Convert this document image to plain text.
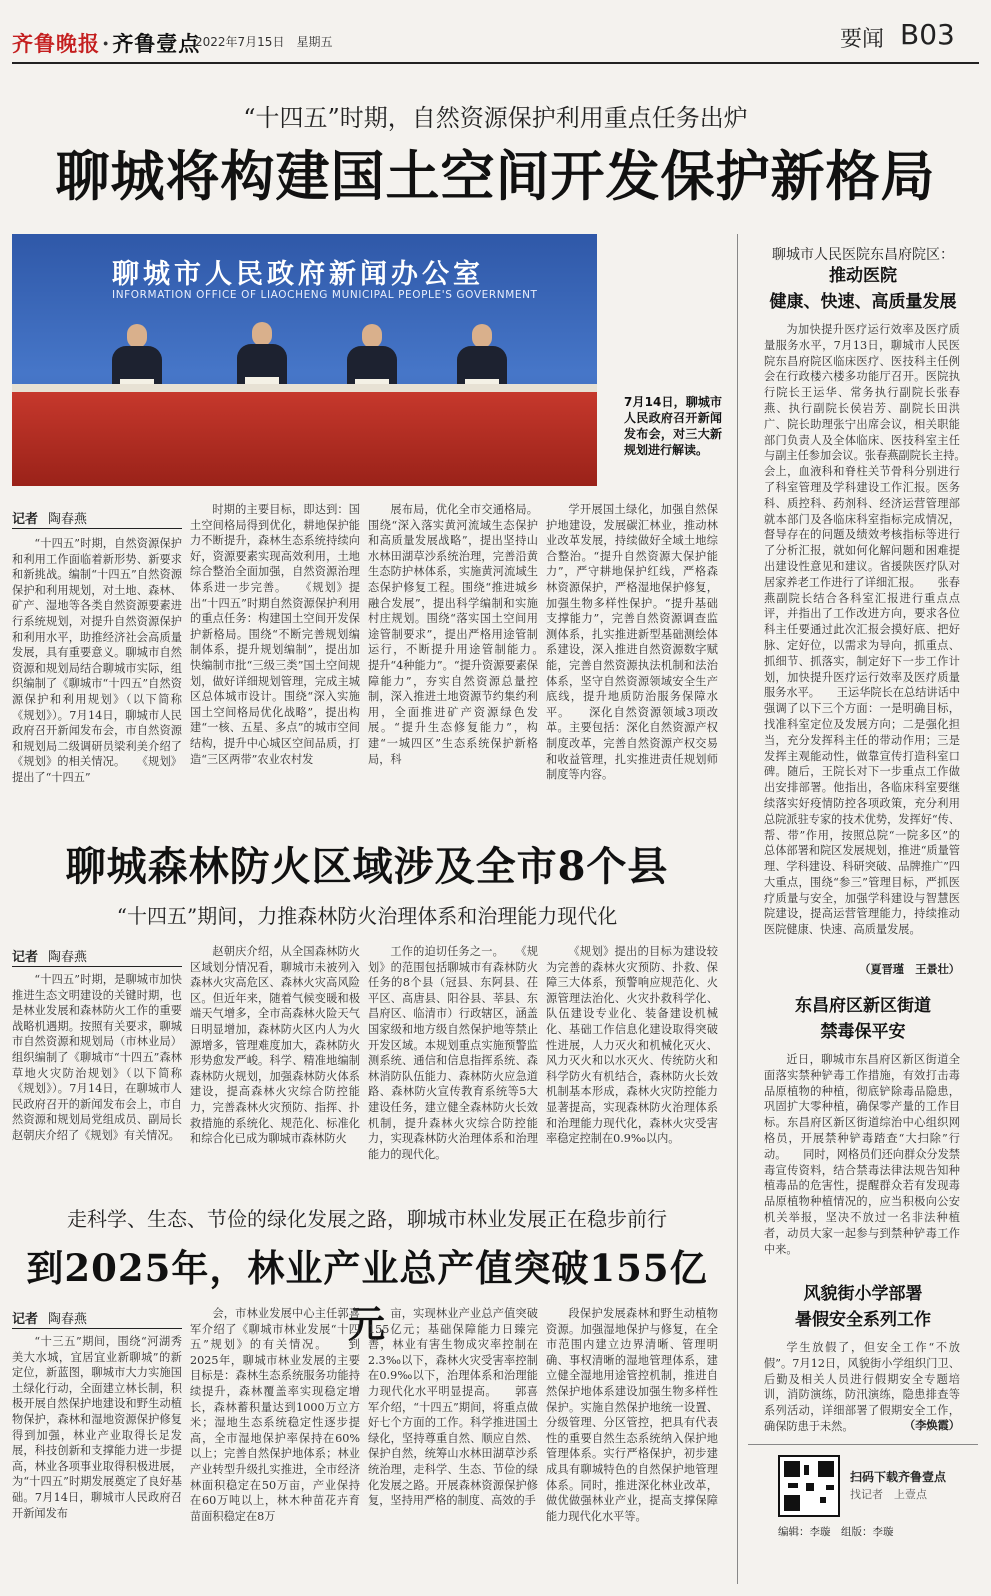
齐鲁晚报·齐鲁壹点
2022年7月15日　星期五	要闻 B03
“十四五”时期，自然资源保护利用重点任务出炉
聊城将构建国土空间开发保护新格局
聊城市人民政府新闻办公室
INFORMATION OFFICE OF LIAOCHENG MUNICIPAL PEOPLE'S GOVERNMENT
7月14日，聊城市人民政府召开新闻发布会，对三大新规划进行解读。
记者 陶春燕

“十四五”时期，自然资源保护和利用工作面临着新形势、新要求和新挑战。编制“十四五”自然资源保护和利用规划，对土地、森林、矿产、湿地等各类自然资源要素进行系统规划，对提升自然资源保护和利用水平，助推经济社会高质量发展，具有重要意义。聊城市自然资源和规划局结合聊城市实际，组织编制了《聊城市“十四五”自然资源保护和利用规划》（以下简称《规划》）。7月14日，聊城市人民政府召开新闻发布会，市自然资源和规划局二级调研员梁利美介绍了《规划》的相关情况。　　《规划》提出了“十四五”

时期的主要目标，即达到：国土空间格局得到优化，耕地保护能力不断提升，森林生态系统持续向好，资源要素实现高效利用，土地综合整治全面加强，自然资源治理体系进一步完善。　　《规划》提出“十四五”时期自然资源保护利用的重点任务：构建国土空间开发保护新格局。围绕“不断完善规划编制体系，提升规划编制”，提出加快编制市批“三级三类”国土空间规划，做好详细规划管理，完成主城区总体城市设计。围绕“深入实施国土空间格局优化战略”，提出构建“一核、五星、多点”的城市空间结构，提升中心城区空间品质，打造“三区两带”农业农村发

展布局，优化全市交通格局。围绕“深入落实黄河流域生态保护和高质量发展战略”，提出坚持山水林田湖草沙系统治理，完善沿黄生态防护林体系，实施黄河流域生态保护修复工程。围绕“推进城乡融合发展”，提出科学编制和实施村庄规划。围绕“落实国土空间用途管制要求”，提出严格用途管制运行，不断提升用途管制能力。　　提升“4种能力”。“提升资源要素保障能力”，夯实自然资源总量控制，深入推进土地资源节约集约利用，全面推进矿产资源绿色发展。“提升生态修复能力”，构建“一城四区”生态系统保护新格局，科

学开展国土绿化，加强自然保护地建设，发展碳汇林业，推动林业改革发展，持续做好全域土地综合整治。“提升自然资源大保护能力”，严守耕地保护红线，严格森林资源保护，严格湿地保护修复，加强生物多样性保护。“提升基础支撑能力”，完善自然资源调查监测体系，扎实推进新型基础测绘体系建设，深入推进自然资源数字赋能，完善自然资源执法机制和法治体系，坚守自然资源领域安全生产底线，提升地质防治服务保障水平。　　深化自然资源领域3项改革。主要包括：深化自然资源产权制度改革，完善自然资源产权交易和收益管理，扎实推进责任规划师制度等内容。

聊城森林防火区域涉及全市8个县
“十四五”期间，力推森林防火治理体系和治理能力现代化
记者 陶春燕

“十四五”时期，是聊城市加快推进生态文明建设的关键时期，也是林业发展和森林防火工作的重要战略机遇期。按照有关要求，聊城市自然资源和规划局（市林业局）组织编制了《聊城市“十四五”森林草地火灾防治规划》（以下简称《规划》）。7月14日，在聊城市人民政府召开的新闻发布会上，市自然资源和规划局党组成员、副局长赵朝庆介绍了《规划》有关情况。

赵朝庆介绍，从全国森林防火区域划分情况看，聊城市未被列入森林火灾高危区、森林火灾高风险区。但近年来，随着气候变暖和极端天气增多，全市高森林火险天气日明显增加，森林防火区内人为火源增多，管理难度加大，森林防火形势愈发严峻。科学、精准地编制森林防火规划，加强森林防火体系建设，提高森林火灾综合防控能力，完善森林火灾预防、指挥、扑救措施的系统化、规范化、标准化和综合化已成为聊城市森林防火

工作的迫切任务之一。　　《规划》的范围包括聊城市有森林防火任务的8个县（冠县、东阿县、茌平区、高唐县、阳谷县、莘县、东昌府区、临清市）行政辖区，涵盖国家级和地方级自然保护地等禁止开发区域。本规划重点实施预警监测系统、通信和信息指挥系统、森林消防队伍能力、森林防火应急道路、森林防火宣传教育系统等5大建设任务，建立健全森林防火长效机制，提升森林火灾综合防控能力，实现森林防火治理体系和治理能力的现代化。

《规划》提出的目标为建设较为完善的森林火灾预防、扑救、保障三大体系，预警响应规范化、火源管理法治化、火灾扑救科学化、队伍建设专业化、装备建设机械化、基础工作信息化建设取得突破性进展，人力灭火和机械化灭火、风力灭火和以水灭火、传统防火和科学防火有机结合，森林防火长效机制基本形成，森林火灾防控能力显著提高，实现森林防火治理体系和治理能力现代化，森林火灾受害率稳定控制在0.9‰以内。

走科学、生态、节俭的绿化发展之路，聊城市林业发展正在稳步前行
到2025年，林业产业总产值突破155亿元
记者 陶春燕

“十三五”期间，围绕“河湖秀美大水城，宜居宜业新聊城”的新定位，新蓝图，聊城市大力实施国土绿化行动，全面建立林长制，积极开展自然保护地建设和野生动植物保护，森林和湿地资源保护修复得到加强，林业产业取得长足发展，科技创新和支撑能力进一步提高，林业各项事业取得积极进展，为“十四五”时期发展奠定了良好基础。7月14日，聊城市人民政府召开新闻发布

会，市林业发展中心主任郭喜军介绍了《聊城市林业发展“十四五”规划》的有关情况。　　到2025年，聊城市林业发展的主要目标是：森林生态系统服务功能持续提升，森林覆盖率实现稳定增长，森林蓄积量达到1000万立方米；湿地生态系统稳定性逐步提高，全市湿地保护率保持在60%以上；完善自然保护地体系；林业产业转型升级扎实推进，全市经济林面积稳定在50万亩，产业保持在60万吨以上，林木种苗花卉育苗面积稳定在8万

亩，实现林业产业总产值突破155亿元；基础保障能力日臻完善，林业有害生物成灾率控制在2.3‰以下，森林火灾受害率控制在0.9‰以下，治理体系和治理能力现代化水平明显提高。　　郭喜军介绍，“十四五”期间，将重点做好七个方面的工作。科学推进国土绿化，坚持尊重自然、顺应自然、保护自然，统筹山水林田湖草沙系统治理，走科学、生态、节俭的绿化发展之路。开展森林资源保护修复，坚持用严格的制度、高效的手

段保护发展森林和野生动植物资源。加强湿地保护与修复，在全市范围内建立边界清晰、管理明确、事权清晰的湿地管理体系，建立健全湿地用途管控机制，推进自然保护地体系建设加强生物多样性保护。实施自然保护地统一设置、分级管理、分区管控，把具有代表性的重要自然生态系统纳入保护地管理体系。实行严格保护，初步建成具有聊城特色的自然保护地管理体系。同时，推进深化林业改革，做优做强林业产业，提高支撑保障能力现代化水平等。

聊城市人民医院东昌府院区：
推动医院
健康、快速、高质量发展

为加快提升医疗运行效率及医疗质量服务水平，7月13日，聊城市人民医院东昌府院区临床医疗、医技科主任例会在行政楼六楼多功能厅召开。医院执行院长王运华、常务执行副院长张春燕、执行副院长侯岩芳、副院长田洪广、院长助理张宁出席会议，相关职能部门负责人及全体临床、医技科室主任与副主任参加会议。张春燕副院长主持。　　会上，血液科和脊柱关节骨科分别进行了科室管理及学科建设工作汇报。医务科、质控科、药剂科、经济运营管理部就本部门及各临床科室指标完成情况，督导存在的问题及绩效考核指标等进行了分析汇报，就如何化解问题和困难提出建设性意见和建议。省援陕医疗队对居家养老工作进行了详细汇报。　　张春燕副院长结合各科室汇报进行重点点评，并指出了工作改进方向，要求各位科主任要通过此次汇报会摸好底、把好脉、定好位，以需求为导向，抓重点、抓细节、抓落实，制定好下一步工作计划，加快提升医疗运行效率及医疗质量服务水平。　　王运华院长在总结讲话中强调了以下三个方面：一是明确目标，找准科室定位及发展方向；二是强化担当，充分发挥科主任的带动作用；三是发挥主观能动性，做靠宣传打造科室口碑。随后，王院长对下一步重点工作做出安排部署。他指出，各临床科室要继续落实好疫情防控各项政策，充分利用总院派驻专家的技术优势，发挥好“传、帮、带”作用，按照总院“一院多区”的总体部署和院区发展规划，推进“质量管理、学科建设、科研突破、品牌推广”四大重点，围绕“参三”管理目标，严抓医疗质量与安全，加强学科建设与智慧医院建设，提高运营管理能力，持续推动医院健康、快速、高质量发展。

（夏晋瑾　王景壮）
东昌府区新区街道
禁毒保平安

近日，聊城市东昌府区新区街道全面落实禁种铲毒工作措施，有效打击毒品原植物的种植，彻底铲除毒品隐患，巩固扩大零种植，确保零产量的工作目标。东昌府区新区街道综治中心组织网格员，开展禁种铲毒踏查“大扫除”行动。　　同时，网格员们还向群众分发禁毒宣传资料，结合禁毒法律法规告知种植毒品的危害性，提醒群众若有发现毒品原植物种植情况的，应当积极向公安机关举报，坚决不放过一名非法种植者，动员大家一起参与到禁种铲毒工作中来。

风貌街小学部署
暑假安全系列工作

学生放假了，但安全工作“不放假”。7月12日，风貌街小学组织门卫、后勤及相关人员进行假期安全专题培训，消防演练，防汛演练，隐患排查等系列活动，详细部署了假期安全工作，确保防患于未然。	（李焕霞）
扫码下载齐鲁壹点
找记者　上壹点
编辑：李璇　组版：李璇
